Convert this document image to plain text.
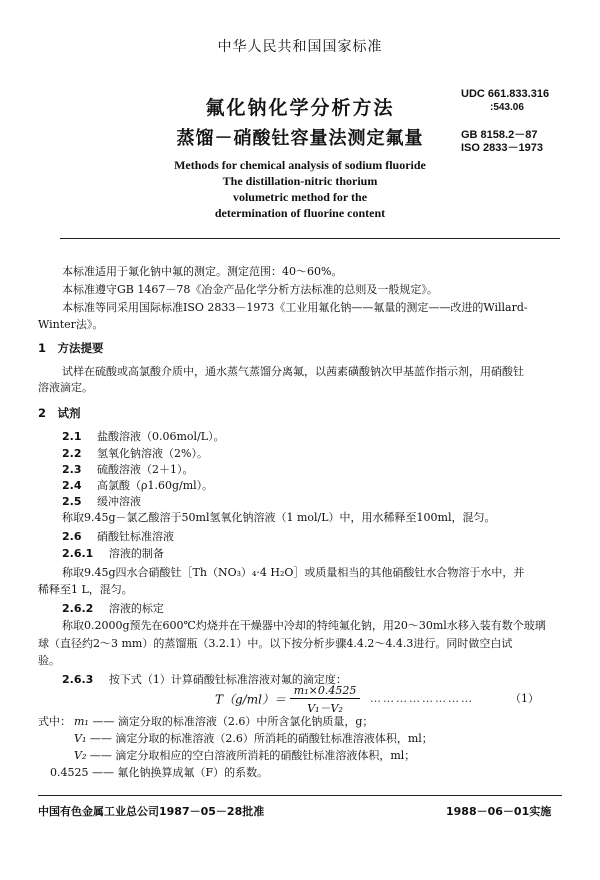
中华人民共和国国家标准
氟化钠化学分析方法
蒸馏－硝酸钍容量法测定氟量
UDC 661.833.316
:543.06
GB 8158.2－87
ISO 2833－1973
Methods for chemical analysis of sodium fluoride
The distillation-nitric thorium
volumetric method for the
determination of fluorine content
本标准适用于氟化钠中氟的测定。测定范围：40～60%。
本标准遵守GB 1467－78《冶金产品化学分析方法标准的总则及一般规定》。
本标准等同采用国际标准ISO 2833－1973《工业用氟化钠——氟量的测定——改进的Willard-
Winter法》。
1　方法提要
试样在硫酸或高氯酸介质中，通水蒸气蒸馏分离氟，以茜素磺酸钠次甲基蓝作指示剂，用硝酸钍
溶液滴定。
2　试剂
2.1 盐酸溶液（0.06mol/L）。
2.2 氢氧化钠溶液（2%）。
2.3 硫酸溶液（2＋1）。
2.4 高氯酸（ρ1.60g/ml）。
2.5 缓冲溶液
称取9.45g－氯乙酸溶于50ml氢氧化钠溶液（1 mol/L）中，用水稀释至100ml，混匀。
2.6 硝酸钍标准溶液
2.6.1 溶液的制备
称取9.45g四水合硝酸钍［Th（NO₃）₄·4 H₂O］或质量相当的其他硝酸钍水合物溶于水中，并
稀释至1 L，混匀。
2.6.2 溶液的标定
称取0.2000g预先在600℃灼烧并在干燥器中冷却的特纯氟化钠，用20～30ml水移入装有数个玻璃
球（直径约2～3 mm）的蒸馏瓶（3.2.1）中。以下按分析步骤4.4.2～4.4.3进行。同时做空白试
验。
2.6.3 按下式（1）计算硝酸钍标准溶液对氟的滴定度：
$T(g/ml)= \frac{\text{m₁×0.4525}}{\text{V₁－V₂}}$ ……………………	（1）
式中： m₁ —— 滴定分取的标准溶液（2.6）中所含氯化钠质量，g；
V₁ —— 滴定分取的标准溶液（2.6）所消耗的硝酸钍标准溶液体积，ml；
V₂ —— 滴定分取相应的空白溶液所消耗的硝酸钍标准溶液体积，ml；
0.4525 —— 氟化钠换算成氟（F）的系数。
中国有色金属工业总公司1987－05－28批准	1988－06－01实施
